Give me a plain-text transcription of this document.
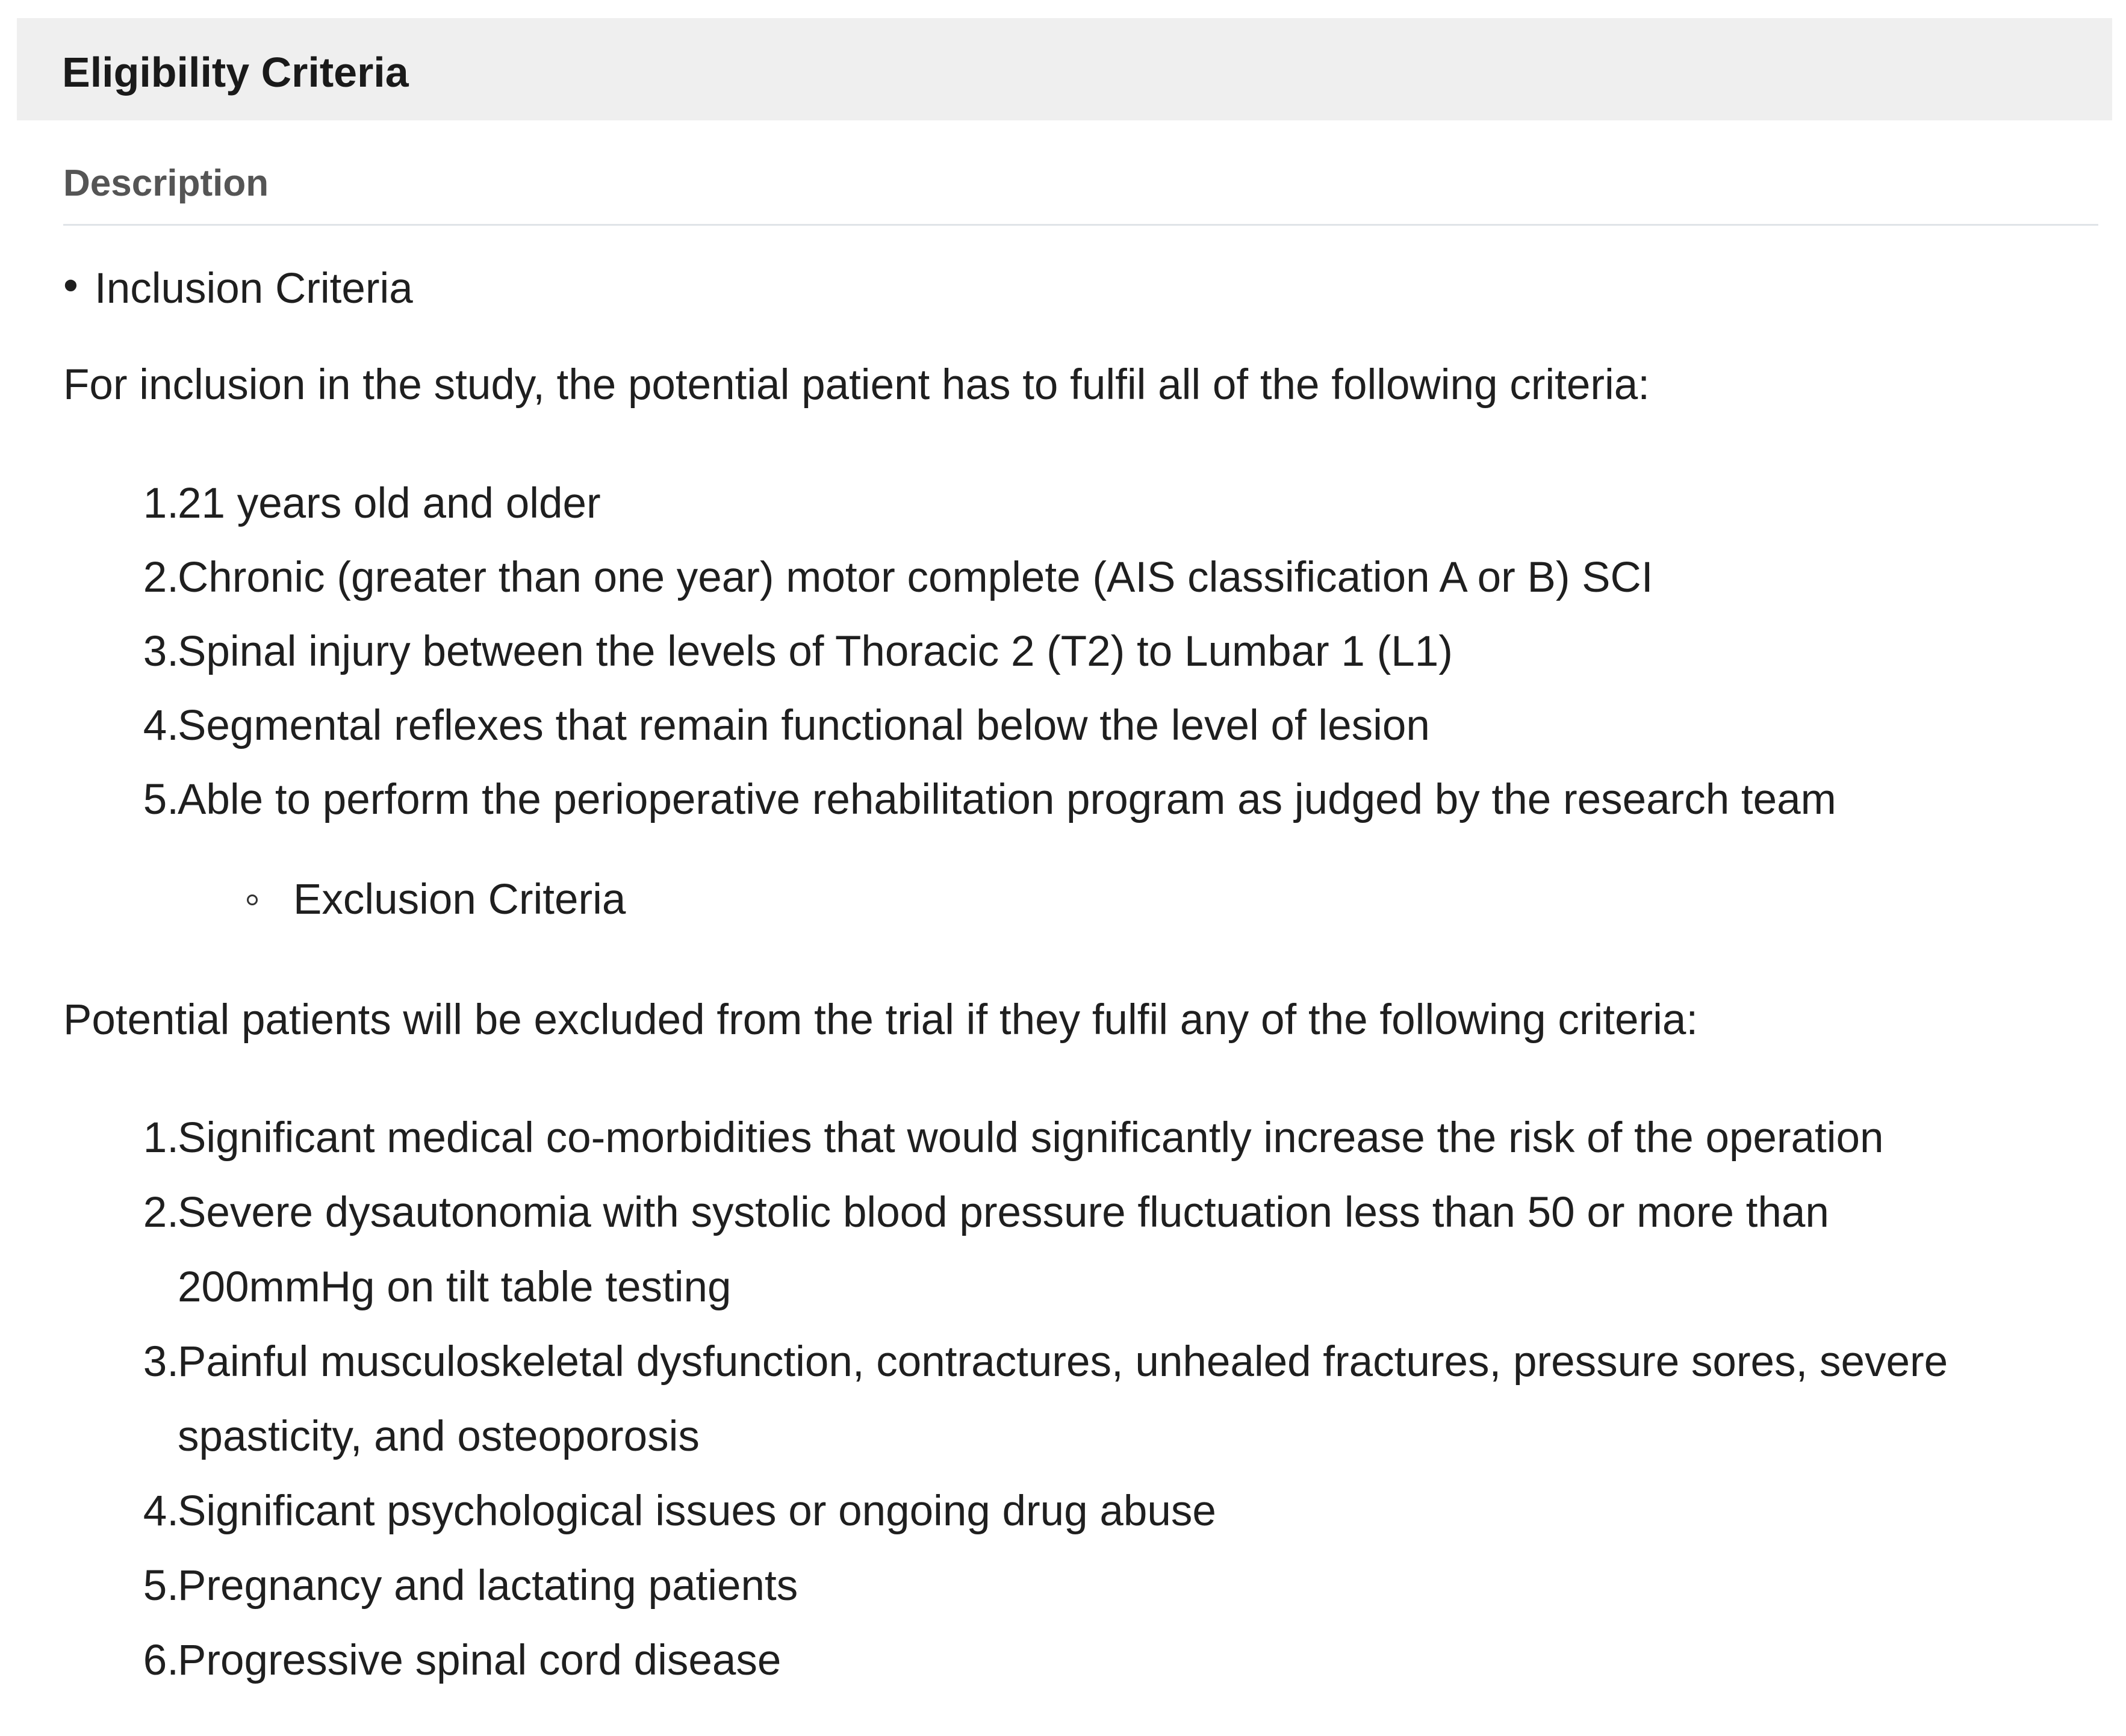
Eligibility Criteria
Description
• Inclusion Criteria
For inclusion in the study, the potential patient has to fulfil all of the following criteria:
1.
21 years old and older
2.
Chronic (greater than one year) motor complete (AIS classification A or B) SCI
3.
Spinal injury between the levels of Thoracic 2 (T2) to Lumbar 1 (L1)
4.
Segmental reflexes that remain functional below the level of lesion
5.
Able to perform the perioperative rehabilitation program as judged by the research team
Exclusion Criteria
Potential patients will be excluded from the trial if they fulfil any of the following criteria:
1.
Significant medical co-morbidities that would significantly increase the risk of the operation
2.
Severe dysautonomia with systolic blood pressure fluctuation less than 50 or more than
200mmHg on tilt table testing
3.
Painful musculoskeletal dysfunction, contractures, unhealed fractures, pressure sores, severe
spasticity, and osteoporosis
4.
Significant psychological issues or ongoing drug abuse
5.
Pregnancy and lactating patients
6.
Progressive spinal cord disease
